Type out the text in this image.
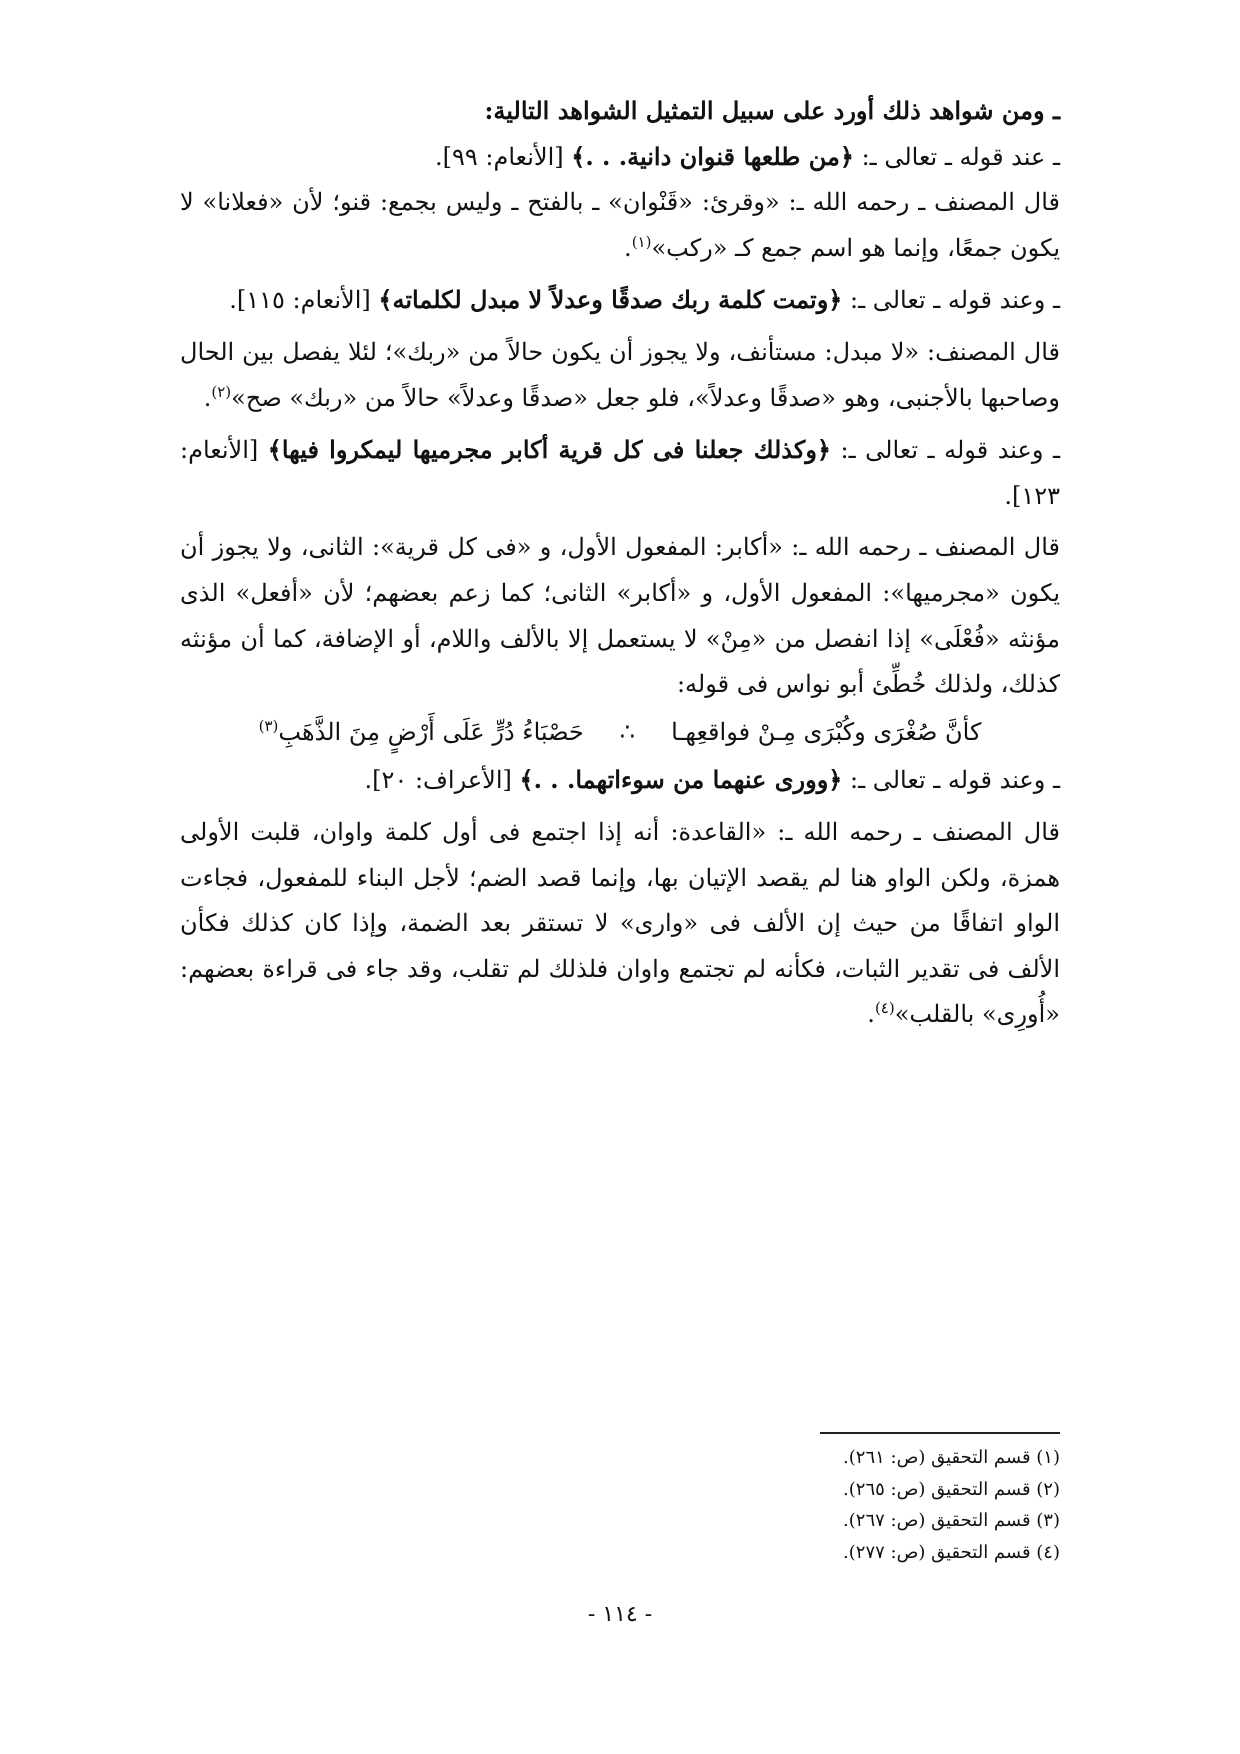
ـ ومن شواهد ذلك أورد على سبيل التمثيل الشواهد التالية:

ـ عند قوله ـ تعالى ـ: ﴿من طلعها قنوان دانية. . .﴾ [الأنعام: ٩٩].

قال المصنف ـ رحمه الله ـ: «وقرئ: «قَنْوان» ـ بالفتح ـ وليس بجمع: قنو؛ لأن «فعلانا» لا يكون جمعًا، وإنما هو اسم جمع كـ «ركب»$^{(١)}$.

ـ وعند قوله ـ تعالى ـ: ﴿وتمت كلمة ربك صدقًا وعدلاً لا مبدل لكلماته﴾ [الأنعام: ١١٥].

قال المصنف: «لا مبدل: مستأنف، ولا يجوز أن يكون حالاً من «ربك»؛ لئلا يفصل بين الحال وصاحبها بالأجنبى، وهو «صدقًا وعدلاً»، فلو جعل «صدقًا وعدلاً» حالاً من «ربك» صح»$^{(٢)}$.

ـ وعند قوله ـ تعالى ـ: ﴿وكذلك جعلنا فى كل قرية أكابر مجرميها ليمكروا فيها﴾ [الأنعام: ١٢٣].

قال المصنف ـ رحمه الله ـ: «أكابر: المفعول الأول، و «فى كل قرية»: الثانى، ولا يجوز أن يكون «مجرميها»: المفعول الأول، و «أكابر» الثانى؛ كما زعم بعضهم؛ لأن «أفعل» الذى مؤنثه «فُعْلَى» إذا انفصل من «مِنْ» لا يستعمل إلا بالألف واللام، أو الإضافة، كما أن مؤنثه كذلك، ولذلك خُطِّئ أبو نواس فى قوله:

كأنَّ صُغْرَى وكُبْرَى مِـنْ فواقعِهـا∴حَصْبَاءُ دُرٍّ عَلَى أَرْضٍ مِنَ الذَّهَبِ$^{(٣)}$

ـ وعند قوله ـ تعالى ـ: ﴿وورى عنهما من سوءاتهما. . .﴾ [الأعراف: ٢٠].

قال المصنف ـ رحمه الله ـ: «القاعدة: أنه إذا اجتمع فى أول كلمة واوان، قلبت الأولى همزة، ولكن الواو هنا لم يقصد الإتيان بها، وإنما قصد الضم؛ لأجل البناء للمفعول، فجاءت الواو اتفاقًا من حيث إن الألف فى «وارى» لا تستقر بعد الضمة، وإذا كان كذلك فكأن الألف فى تقدير الثبات، فكأنه لم تجتمع واوان فلذلك لم تقلب، وقد جاء فى قراءة بعضهم: «أُورِى» بالقلب»$^{(٤)}$.

(١) قسم التحقيق (ص: ٢٦١).
(٢) قسم التحقيق (ص: ٢٦٥).
(٣) قسم التحقيق (ص: ٢٦٧).
(٤) قسم التحقيق (ص: ٢٧٧).
- ١١٤ -
